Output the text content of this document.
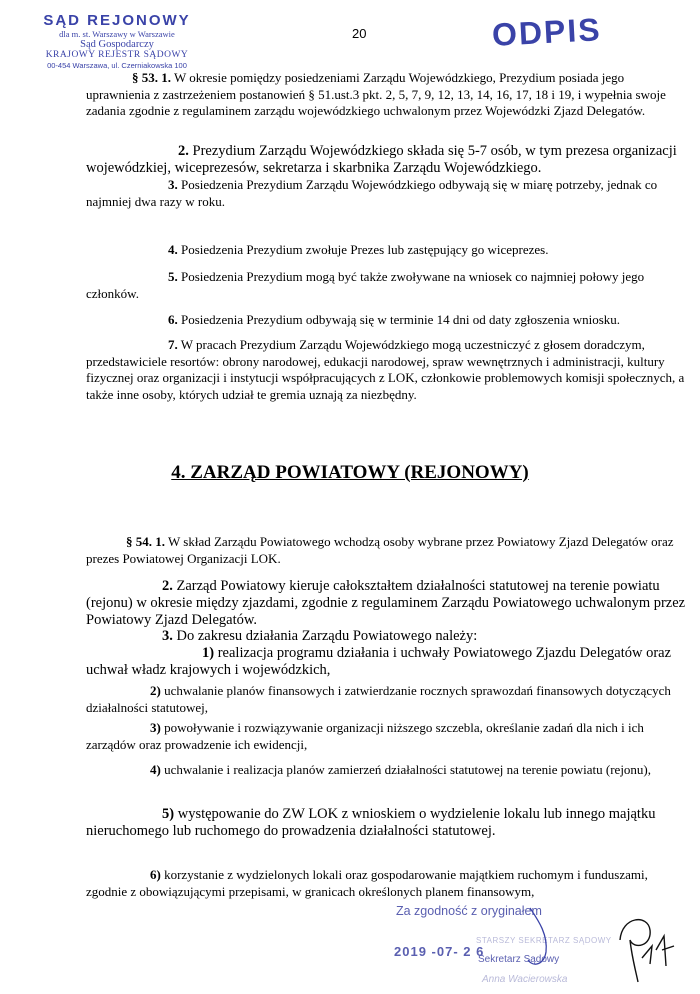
SĄD REJONOWY
dla m. st. Warszawy w Warszawie
Sąd Gospodarczy
KRAJOWY REJESTR SĄDOWY
00-454 Warszawa, ul. Czerniakowska 100
20	ODPIS
§ 53. 1. W okresie pomiędzy posiedzeniami Zarządu Wojewódzkiego, Prezydium posiada jego uprawnienia z zastrzeżeniem postanowień § 51.ust.3 pkt. 2, 5, 7, 9, 12, 13, 14, 16, 17, 18 i 19, i wypełnia swoje zadania zgodnie z regulaminem zarządu wojewódzkiego uchwalonym przez Wojewódzki Zjazd Delegatów.
2. Prezydium Zarządu Wojewódzkiego składa się 5-7 osób, w tym prezesa organizacji wojewódzkiej, wiceprezesów, sekretarza i skarbnika Zarządu Wojewódzkiego.
3. Posiedzenia Prezydium Zarządu Wojewódzkiego odbywają się w miarę potrzeby, jednak co najmniej dwa razy w roku.
4. Posiedzenia Prezydium zwołuje Prezes lub zastępujący go wiceprezes.
5. Posiedzenia Prezydium mogą być także zwoływane na wniosek co najmniej połowy jego członków.
6. Posiedzenia Prezydium odbywają się w terminie 14 dni od daty zgłoszenia wniosku.
7. W pracach Prezydium Zarządu Wojewódzkiego mogą uczestniczyć z głosem doradczym, przedstawiciele resortów: obrony narodowej, edukacji narodowej, spraw wewnętrznych i administracji, kultury fizycznej oraz organizacji i instytucji współpracujących z LOK, członkowie problemowych komisji społecznych, a także inne osoby, których udział te gremia uznają za niezbędny.
4. ZARZĄD POWIATOWY (REJONOWY)
§ 54. 1. W skład Zarządu Powiatowego wchodzą osoby wybrane przez Powiatowy Zjazd Delegatów oraz prezes Powiatowej Organizacji LOK.
2. Zarząd Powiatowy kieruje całokształtem działalności statutowej na terenie powiatu (rejonu) w okresie między zjazdami, zgodnie z regulaminem Zarządu Powiatowego uchwalonym przez Powiatowy Zjazd Delegatów.
3. Do zakresu działania Zarządu Powiatowego należy:
1) realizacja programu działania i uchwały Powiatowego Zjazdu Delegatów oraz uchwał władz krajowych i wojewódzkich,
2) uchwalanie planów finansowych i zatwierdzanie rocznych sprawozdań finansowych dotyczących działalności statutowej,
3) powoływanie i rozwiązywanie organizacji niższego szczebla, określanie zadań dla nich i ich zarządów oraz prowadzenie ich ewidencji,
4) uchwalanie i realizacja planów zamierzeń działalności statutowej na terenie powiatu (rejonu),
5) występowanie do ZW LOK z wnioskiem o wydzielenie lokalu lub innego majątku nieruchomego lub ruchomego do prowadzenia działalności statutowej.
6) korzystanie z wydzielonych lokali oraz gospodarowanie majątkiem ruchomym i funduszami, zgodnie z obowiązującymi przepisami, w granicach określonych planem finansowym,
Za zgodność z oryginałem
STARSZY SEKRETARZ SĄDOWY
2019 -07- 2 6
Sekretarz Sądowy
Anna Wacierowska
